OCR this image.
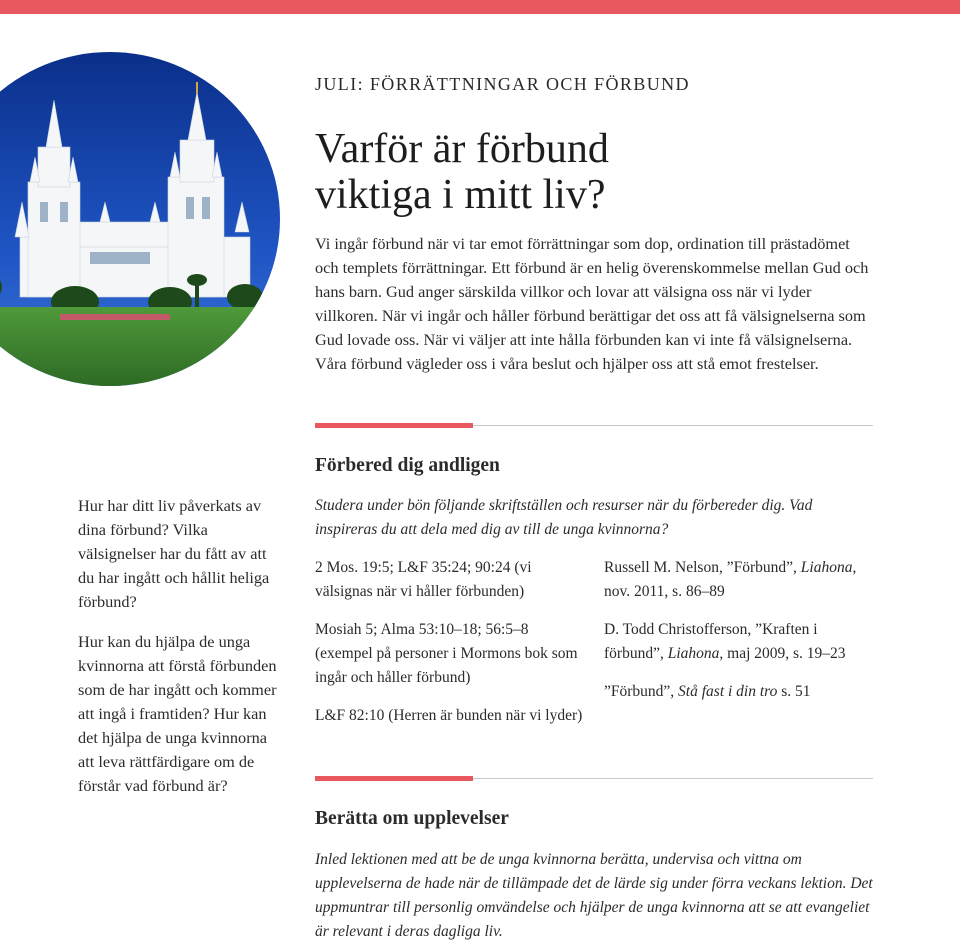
JULI: FÖRRÄTTNINGAR OCH FÖRBUND
Varför är förbund
viktiga i mitt liv?

Vi ingår förbund när vi tar emot förrättningar som dop, ordination till prästadömet och templets förrättningar. Ett förbund är en helig överenskommelse mellan Gud och hans barn. Gud anger särskilda villkor och lovar att välsigna oss när vi lyder villkoren. När vi ingår och håller förbund berättigar det oss att få välsignelserna som Gud lovade oss. När vi väljer att inte hålla förbunden kan vi inte få välsignelserna. Våra förbund vägleder oss i våra beslut och hjälper oss att stå emot frestelser.

Förbered dig andligen

Hur har ditt liv påverkats av dina förbund? Vilka välsignelser har du fått av att du har ingått och hållit heliga förbund?

Hur kan du hjälpa de unga kvinnorna att förstå förbunden som de har ingått och kommer att ingå i framtiden? Hur kan det hjälpa de unga kvinnorna att leva rättfärdigare om de förstår vad förbund är?

Studera under bön följande skriftställen och resurser när du förbereder dig. Vad inspireras du att dela med dig av till de unga kvinnorna?

2 Mos. 19:5; L&F 35:24; 90:24 (vi välsignas när vi håller förbunden)

Mosiah 5; Alma 53:10–18; 56:5–8 (exempel på personer i Mormons bok som ingår och håller förbund)

L&F 82:10 (Herren är bunden när vi lyder)

Russell M. Nelson, ”Förbund”, Liahona, nov. 2011, s. 86–89

D. Todd Christofferson, ”Kraften i förbund”, Liahona, maj 2009, s. 19–23

”Förbund”, Stå fast i din tro s. 51

Berätta om upplevelser

Inled lektionen med att be de unga kvinnorna berätta, undervisa och vittna om upplevelserna de hade när de tillämpade det de lärde sig under förra veckans lektion. Det uppmuntrar till personlig omvändelse och hjälper de unga kvinnorna att se att evangeliet är relevant i deras dagliga liv.
